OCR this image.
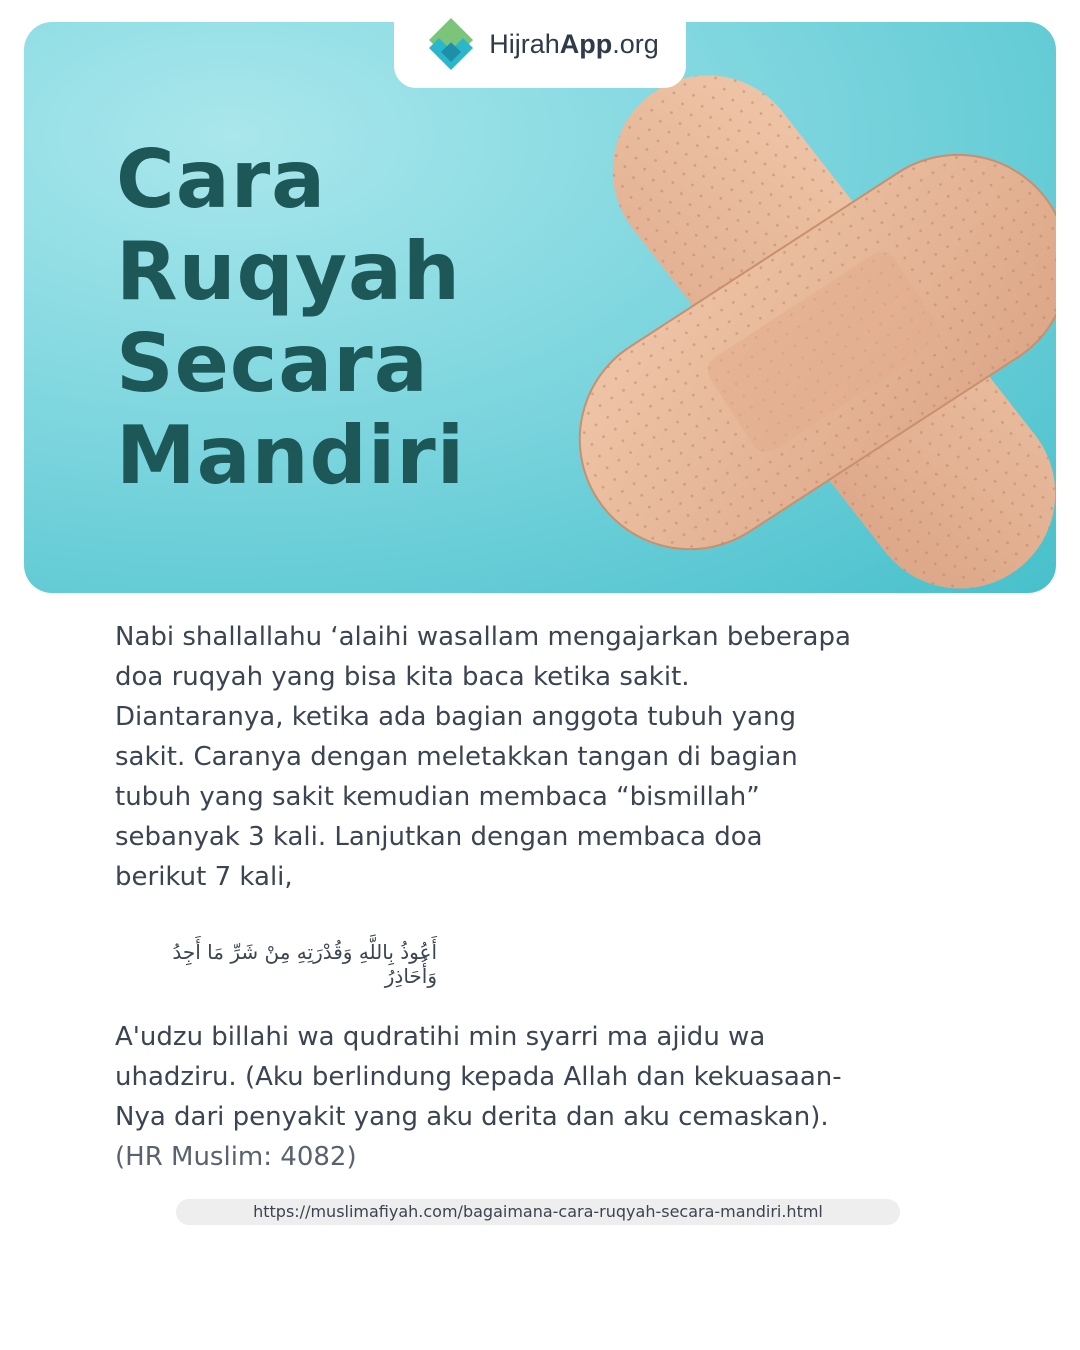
Cara
Ruqyah
Secara
Mandiri
HijrahApp.org

Nabi shallallahu ‘alaihi wasallam mengajarkan beberapa doa ruqyah yang bisa kita baca ketika sakit. Diantaranya, ketika ada bagian anggota tubuh yang sakit. Caranya dengan meletakkan tangan di bagian tubuh yang sakit kemudian membaca “bismillah” sebanyak 3 kali. Lanjutkan dengan membaca doa berikut 7 kali,

أَعُوذُ بِاللَّهِ وَقُدْرَتِهِ مِنْ شَرِّ مَا أَجِدُ وَأُحَاذِرُ

A'udzu billahi wa qudratihi min syarri ma ajidu wa uhadziru. (Aku berlindung kepada Allah dan kekuasaan-Nya dari penyakit yang aku derita dan aku cemaskan). (HR Muslim: 4082)

https://muslimafiyah.com/bagaimana-cara-ruqyah-secara-mandiri.html
